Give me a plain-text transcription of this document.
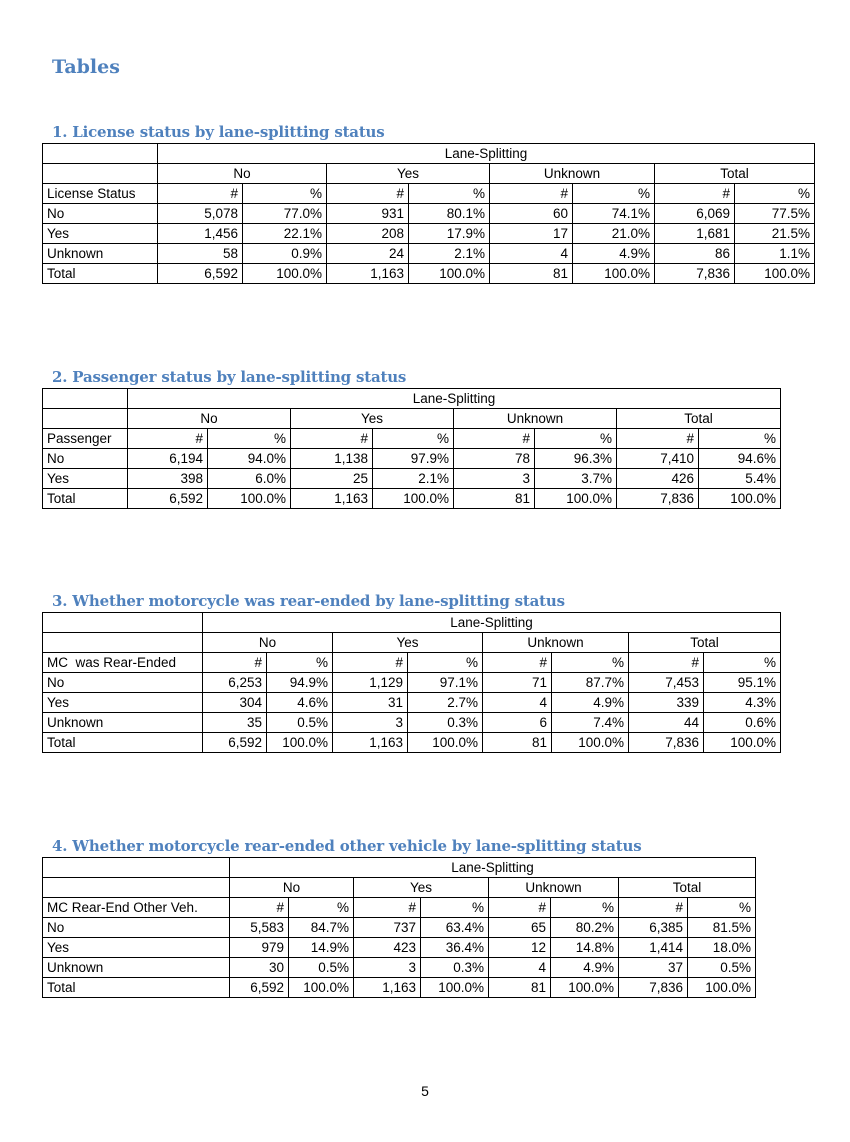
Tables
1. License status by lane-splitting status
	Lane-Splitting							
	No		Yes		Unknown		Total	
License Status	#	%	#	%	#	%	#	%
No	5,078	77.0%	931	80.1%	60	74.1%	6,069	77.5%
Yes	1,456	22.1%	208	17.9%	17	21.0%	1,681	21.5%
Unknown	58	0.9%	24	2.1%	4	4.9%	86	1.1%
Total	6,592	100.0%	1,163	100.0%	81	100.0%	7,836	100.0%
2. Passenger status by lane-splitting status
	Lane-Splitting							
	No		Yes		Unknown		Total	
Passenger	#	%	#	%	#	%	#	%
No	6,194	94.0%	1,138	97.9%	78	96.3%	7,410	94.6%
Yes	398	6.0%	25	2.1%	3	3.7%	426	5.4%
Total	6,592	100.0%	1,163	100.0%	81	100.0%	7,836	100.0%
3. Whether motorcycle was rear-ended by lane-splitting status
	Lane-Splitting							
	No		Yes		Unknown		Total	
MC  was Rear-Ended	#	%	#	%	#	%	#	%
No	6,253	94.9%	1,129	97.1%	71	87.7%	7,453	95.1%
Yes	304	4.6%	31	2.7%	4	4.9%	339	4.3%
Unknown	35	0.5%	3	0.3%	6	7.4%	44	0.6%
Total	6,592	100.0%	1,163	100.0%	81	100.0%	7,836	100.0%
4. Whether motorcycle rear-ended other vehicle by lane-splitting status
	Lane-Splitting							
	No		Yes		Unknown		Total	
MC Rear-End Other Veh.	#	%	#	%	#	%	#	%
No	5,583	84.7%	737	63.4%	65	80.2%	6,385	81.5%
Yes	979	14.9%	423	36.4%	12	14.8%	1,414	18.0%
Unknown	30	0.5%	3	0.3%	4	4.9%	37	0.5%
Total	6,592	100.0%	1,163	100.0%	81	100.0%	7,836	100.0%
5
